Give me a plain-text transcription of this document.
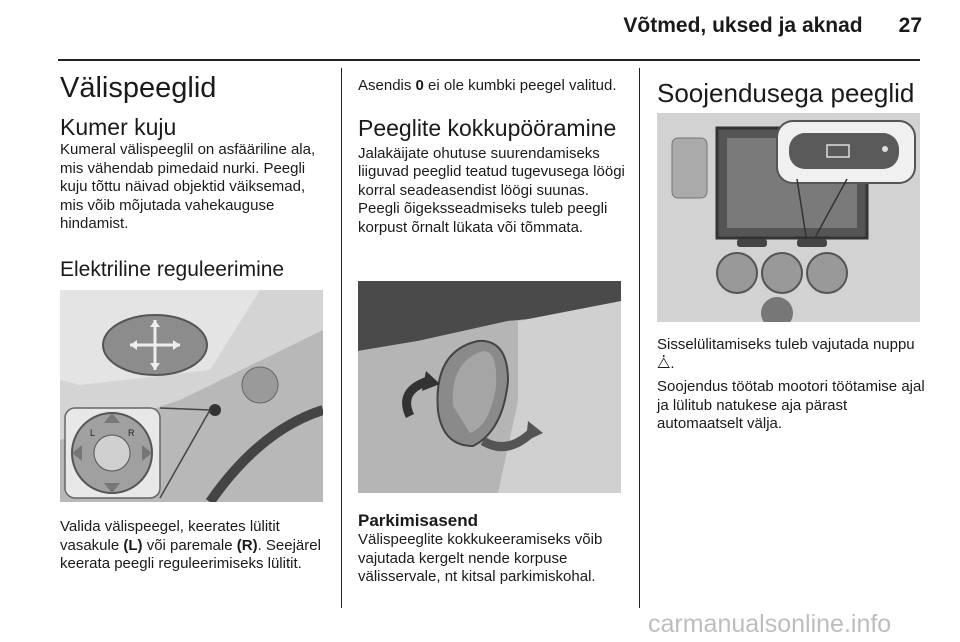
Võtmed, uksed ja aknad 27
Välispeeglid
Kumer kuju

Kumeral välispeeglil on asfääriline ala, mis vähendab pimedaid nurki. Peegli kuju tõttu näivad objektid väiksemad, mis võib mõjutada vahekauguse hindamist.

Elektriline reguleerimine
L	R

Valida välispeegel, keerates lülitit vasakule (L) või paremale (R). Seejärel keerata peegli reguleerimiseks lülitit.

Asendis 0 ei ole kumbki peegel valitud.

Peeglite kokkupööramine

Jalakäijate ohutuse suurendamiseks liiguvad peeglid teatud tugevusega löögi korral seadeasendist löögi suunas. Peegli õigeksseadmiseks tuleb peegli korpust õrnalt lükata või tõmmata.

Parkimisasend

Välispeeglite kokkukeeramiseks võib vajutada kergelt nende korpuse välisservale, nt kitsal parkimiskohal.

Soojendusega peeglid

Sisselülitamiseks tuleb vajutada nuppu ⧊.

Soojendus töötab mootori töötamise ajal ja lülitub natukese aja pärast automaatselt välja.

carmanualsonline.info
